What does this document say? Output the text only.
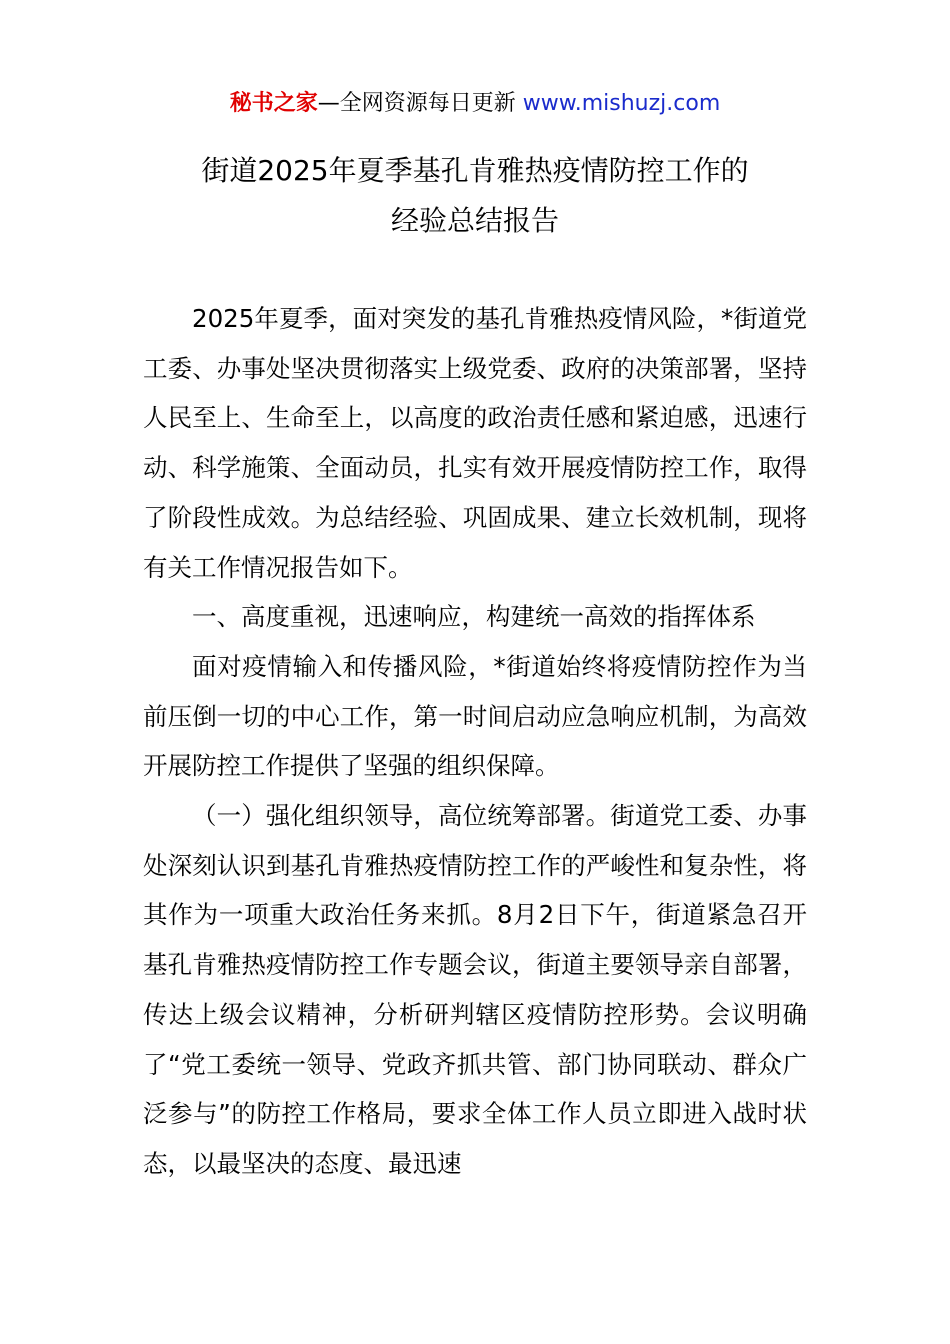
秘书之家—全网资源每日更新 www.mishuzj.com
街道2025年夏季基孔肯雅热疫情防控工作的
经验总结报告

2025年夏季，面对突发的基孔肯雅热疫情风险，*街道党工委、办事处坚决贯彻落实上级党委、政府的决策部署，坚持人民至上、生命至上，以高度的政治责任感和紧迫感，迅速行动、科学施策、全面动员，扎实有效开展疫情防控工作，取得了阶段性成效。为总结经验、巩固成果、建立长效机制，现将有关工作情况报告如下。

一、高度重视，迅速响应，构建统一高效的指挥体系

面对疫情输入和传播风险，*街道始终将疫情防控作为当前压倒一切的中心工作，第一时间启动应急响应机制，为高效开展防控工作提供了坚强的组织保障。

（一）强化组织领导，高位统筹部署。街道党工委、办事处深刻认识到基孔肯雅热疫情防控工作的严峻性和复杂性，将其作为一项重大政治任务来抓。8月2日下午，街道紧急召开基孔肯雅热疫情防控工作专题会议，街道主要领导亲自部署，传达上级会议精神，分析研判辖区疫情防控形势。会议明确了“党工委统一领导、党政齐抓共管、部门协同联动、群众广泛参与”的防控工作格局，要求全体工作人员立即进入战时状态，以最坚决的态度、最迅速
